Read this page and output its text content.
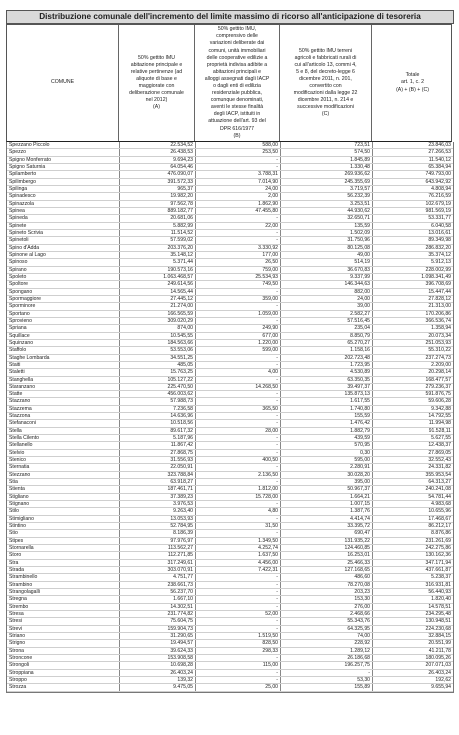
Distribuzione comunale dell'incremento del limite massimo di ricorso all'anticipazione di tesoreria

COMUNE

50% gettito IMU
abitazione principale e
relative pertinenze (ad
aliquote di base e
maggiorate con
deliberazione comunale
nel 2012)
(A)
50% gettito IMU,
comprensivo delle
variazioni deliberate dai
comuni, unità immobiliari
delle cooperative edilizie a
proprietà indivisa adibite a
abitazioni principali e
alloggi assegnati dagli IACP
o dagli enti di edilizia
residenziale pubblica,
comunque denominati,
aventi le stesse finalità
degli IACP, istituiti in
attuazione dell'art. 93 del
DPR 616/1977
(B)
50% gettito IMU terreni
agricoli e fabbricati rurali di
cui all'articolo 13, commi 4,
5 e 8, del decreto-legge 6
dicembre 2011, n. 201,
convertito con
modificazioni dalla legge 22
dicembre 2011, n. 214 e
successive modificazioni
(C)
Totale
art. 1, c. 2
(A) + (B) + (C)
Spezzano Piccolo	22.534,52	588,00	723,51	23.846,03
Spezzo	26.438,53	253,50	574,50	27.266,53
Spigno Monferrato	9.694,23	-	1.845,89	11.540,12
Spigno Saturnia	64.054,46	-	1.330,48	65.384,94
Spilamberto	476.090,07	3.788,31	269.936,62	749.793,00
Spilimbergo	391.572,33	7.014,90	245.355,69	643.942,92
Spilinga	965,37	24,00	3.719,57	4.808,94
Spinadesco	19.982,20	2,00	56.232,39	76.216,59
Spinazzola	97.562,78	1.862,90	3.253,51	102.679,19
Spinea	889.182,77	47.455,80	44.930,62	981.569,19
Spineda	20.681,06	-	32.650,71	53.331,77
Spinete	5.882,99	22,00	135,59	6.040,58
Spineto Scrivia	11.514,52	-	1.502,09	13.016,61
Spinetoli	57.599,02	-	31.750,96	89.349,98
Spino d'Adda	203.376,20	3.330,92	80.125,08	286.832,20
Spinone al Lago	35.148,12	177,00	49,00	35.374,12
Spinoso	5.371,44	26,50	514,19	5.912,13
Spirano	190.573,16	759,00	36.670,83	228.002,99
Spoleto	1.063.468,57	25.534,93	9.337,99	1.098.341,49
Spoltore	249.614,56	749,50	146.344,63	396.708,69
Spongano	14.565,44	-	882,00	15.447,44
Spormaggiore	27.445,12	359,00	24,00	27.828,12
Sporminore	21.274,00	-	39,00	21.313,00
Sportano	166.565,59	1.059,00	2.582,27	170.206,86
Sprovieno	309.020,29	-	57.516,45	366.536,74
Spriana	874,00	249,90	235,04	1.358,94
Squillace	10.545,55	677,00	8.850,79	20.073,34
Squinzano	184.563,66	1.220,00	65.270,27	251.053,93
Staffolo	53.553,06	599,00	1.158,16	55.310,22
Staghe Lombarda	34.551,25	-	202.723,48	237.274,73
Staiti	485,05	-	1.723,95	2.209,00
Staletti	15.763,25	4,00	4.530,89	20.298,14
Stanghella	105.127,22	-	63.350,35	168.477,57
Staranzano	225.470,50	14.268,50	39.497,37	279.236,37
Statte	456.003,62	-	135.873,13	591.876,75
Stazzano	57.988,73	-	1.617,55	59.606,28
Stazzema	7.236,58	365,50	1.740,80	9.342,88
Stazzona	14.636,96	-	155,59	14.792,55
Stefanaconi	10.518,56	-	1.476,42	11.994,98
Stella	89.617,32	28,00	1.882,79	91.528,11
Stella Cilento	5.187,96	-	439,59	5.627,55
Stellanello	11.867,42	-	570,95	12.438,37
Stelvio	27.868,75	-	0,30	27.869,05
Stenico	31.556,93	400,50	595,00	32.552,43
Sternatia	22.050,91	-	2.280,91	24.331,82
Stezzano	323.788,84	2.136,50	30.028,20	355.953,54
Stia	63.918,27	-	395,00	64.313,27
Stienta	187.461,71	1.812,00	50.967,37	240.241,08
Stigliano	37.389,23	15.728,00	1.664,21	54.781,44
Stignano	3.976,53	-	1.007,15	4.983,68
Stilo	9.263,40	4,80	1.387,76	10.655,96
Stimigliano	13.053,93	-	4.414,74	17.468,67
Stintino	52.784,95	31,50	33.395,72	86.212,17
Stio	8.186,39	-	690,47	8.876,86
Stipes	97.976,97	1.349,50	131.935,22	231.261,69
Stornarella	113.562,27	4.252,74	124.460,85	242.275,86
Storo	112.271,85	1.637,50	16.253,01	130.162,36
Stra	317.249,61	4.456,00	25.466,33	347.171,94
Strada	303.070,91	7.422,31	127.168,65	437.661,87
Strambinello	4.751,77	-	486,60	5.238,37
Strambino	238.661,73	-	78.270,08	316.931,81
Strangolagalli	56.237,70	-	203,23	56.440,93
Stregna	1.667,10	-	153,30	1.820,40
Strembo	14.302,51	-	276,00	14.578,51
Stresa	231.774,82	52,00	2.468,66	234.295,48
Stresi	75.604,75	-	55.343,76	130.948,51
Strevi	159.904,73	-	64.325,95	224.230,68
Striano	31.290,65	1.519,50	74,00	32.884,15
Strigno	19.494,57	828,50	228,92	20.551,99
Strona	39.624,33	298,33	1.289,12	41.211,78
Stroncone	153.908,58	-	26.186,68	180.095,26
Strongoli	10.698,28	115,00	196.257,75	207.071,03
Stroppiana	26.403,24	-	-	26.403,24
Stroppo	139,32	-	53,30	192,62
Strozza	9.475,05	25,00	155,89	9.655,94
